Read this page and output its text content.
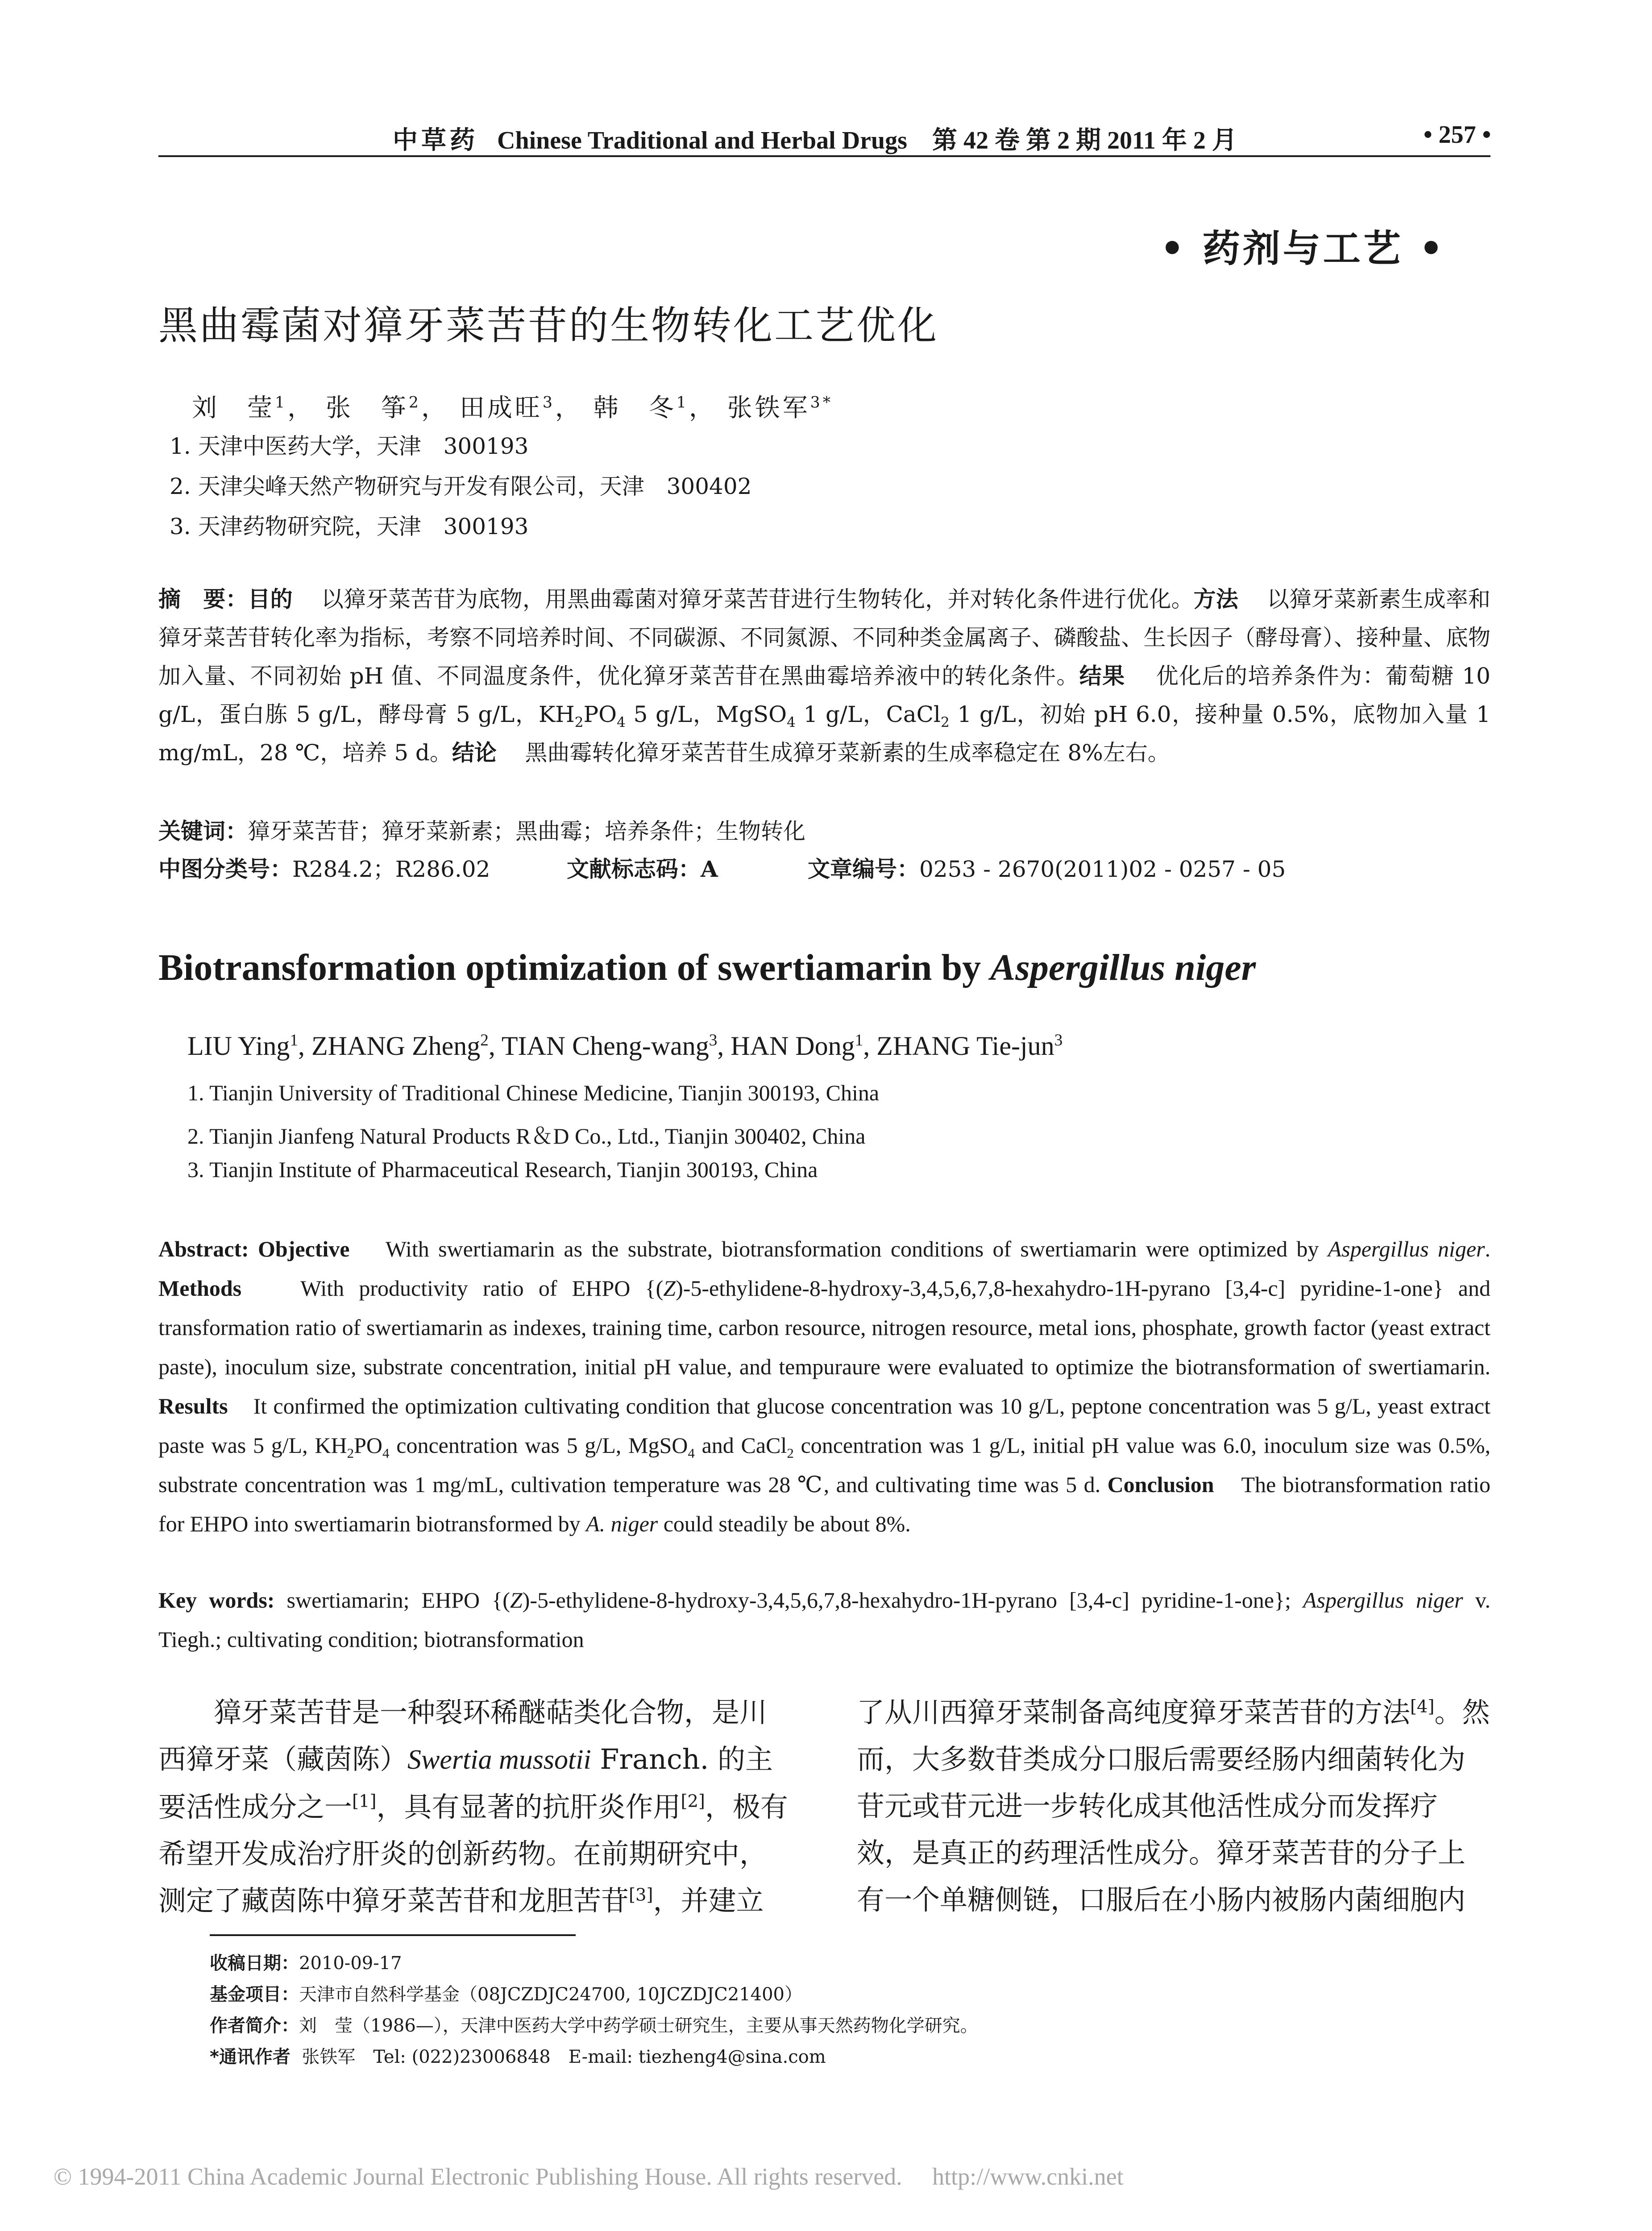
中草药 Chinese Traditional and Herbal Drugs 第 42 卷 第 2 期 2011 年 2 月	• 257 •
• 药剂与工艺 •
黑曲霉菌对獐牙菜苦苷的生物转化工艺优化
刘　莹$^1$， 张　筝$^2$， 田成旺$^3$， 韩　冬$^1$， 张铁军$^{3*}$
1. 天津中医药大学，天津　300193
2. 天津尖峰天然产物研究与开发有限公司，天津　300402
3. 天津药物研究院，天津　300193
摘　要：目的 以獐牙菜苦苷为底物，用黑曲霉菌对獐牙菜苦苷进行生物转化，并对转化条件进行优化。方法 以獐牙菜新素生成率和獐牙菜苦苷转化率为指标，考察不同培养时间、不同碳源、不同氮源、不同种类金属离子、磷酸盐、生长因子（酵母膏）、接种量、底物加入量、不同初始 pH 值、不同温度条件，优化獐牙菜苦苷在黑曲霉培养液中的转化条件。结果 优化后的培养条件为：葡萄糖 10 g/L，蛋白胨 5 g/L，酵母膏 5 g/L，$KH_2PO_4$ 5 g/L，MgSO$_4$ 1 g/L，CaCl$_2$ 1 g/L，初始 pH 6.0，接种量 0.5%，底物加入量 1 mg/mL，28 ℃，培养 5 d。结论 黑曲霉转化獐牙菜苦苷生成獐牙菜新素的生成率稳定在 8%左右。
关键词：獐牙菜苦苷；獐牙菜新素；黑曲霉；培养条件；生物转化
中图分类号：R284.2；R286.02	文献标志码：A	文章编号：0253 - 2670(2011)02 - 0257 - 05
Biotransformation optimization of swertiamarin by Aspergillus niger
LIU Ying$^1$, ZHANG Zheng$^2$, TIAN Cheng-wang$^3$, HAN Dong$^1$, ZHANG Tie-jun$^3$
1. Tianjin University of Traditional Chinese Medicine, Tianjin 300193, China
2. Tianjin Jianfeng Natural Products R＆D Co., Ltd., Tianjin 300402, China
3. Tianjin Institute of Pharmaceutical Research, Tianjin 300193, China
Abstract: Objective With swertiamarin as the substrate, biotransformation conditions of swertiamarin were optimized by Aspergillus niger. Methods	With productivity ratio of EHPO {(Z)-5-ethylidene-8-hydroxy-3,4,5,6,7,8-hexahydro-1H-pyrano [3,4-c] pyridine-1-one} and transformation ratio of swertiamarin as indexes, training time, carbon resource, nitrogen resource, metal ions, phosphate, growth factor (yeast extract paste), inoculum size, substrate concentration, initial pH value, and tempuraure were evaluated to optimize the biotransformation of swertiamarin. Results It confirmed the optimization cultivating condition that glucose concentration was 10 g/L, peptone concentration was 5 g/L, yeast extract paste was 5 g/L, $KH_2PO_4$ concentration was 5 g/L, MgSO$_4$ and CaCl$_2$ concentration was 1 g/L, initial pH value was 6.0, inoculum size was 0.5%, substrate concentration was 1 mg/mL, cultivation temperature was 28 ℃, and cultivating time was 5 d. Conclusion The biotransformation ratio for EHPO into swertiamarin biotransformed by A. niger could steadily be about 8%.
Key words: swertiamarin; EHPO {(Z)-5-ethylidene-8-hydroxy-3,4,5,6,7,8-hexahydro-1H-pyrano [3,4-c] pyridine-1-one}; Aspergillus niger v. Tiegh.; cultivating condition; biotransformation

獐牙菜苦苷是一种裂环稀醚萜类化合物，是川西獐牙菜（藏茵陈）Swertia mussotii Franch. 的主要活性成分之一[1]，具有显著的抗肝炎作用[2]，极有希望开发成治疗肝炎的创新药物。在前期研究中，测定了藏茵陈中獐牙菜苦苷和龙胆苦苷[3]，并建立

了从川西獐牙菜制备高纯度獐牙菜苦苷的方法[4]。然而，大多数苷类成分口服后需要经肠内细菌转化为苷元或苷元进一步转化成其他活性成分而发挥疗效，是真正的药理活性成分。獐牙菜苦苷的分子上有一个单糖侧链，口服后在小肠内被肠内菌细胞内

收稿日期：2010-09-17
基金项目：天津市自然科学基金（08JCZDJC24700, 10JCZDJC21400）
作者简介：刘　莹（1986—），天津中医药大学中药学硕士研究生，主要从事天然药物化学研究。
*通讯作者 张铁军　Tel: (022)23006848　E-mail: tiezheng4@sina.com
© 1994-2011 China Academic Journal Electronic Publishing House. All rights reserved.　 http://www.cnki.net
